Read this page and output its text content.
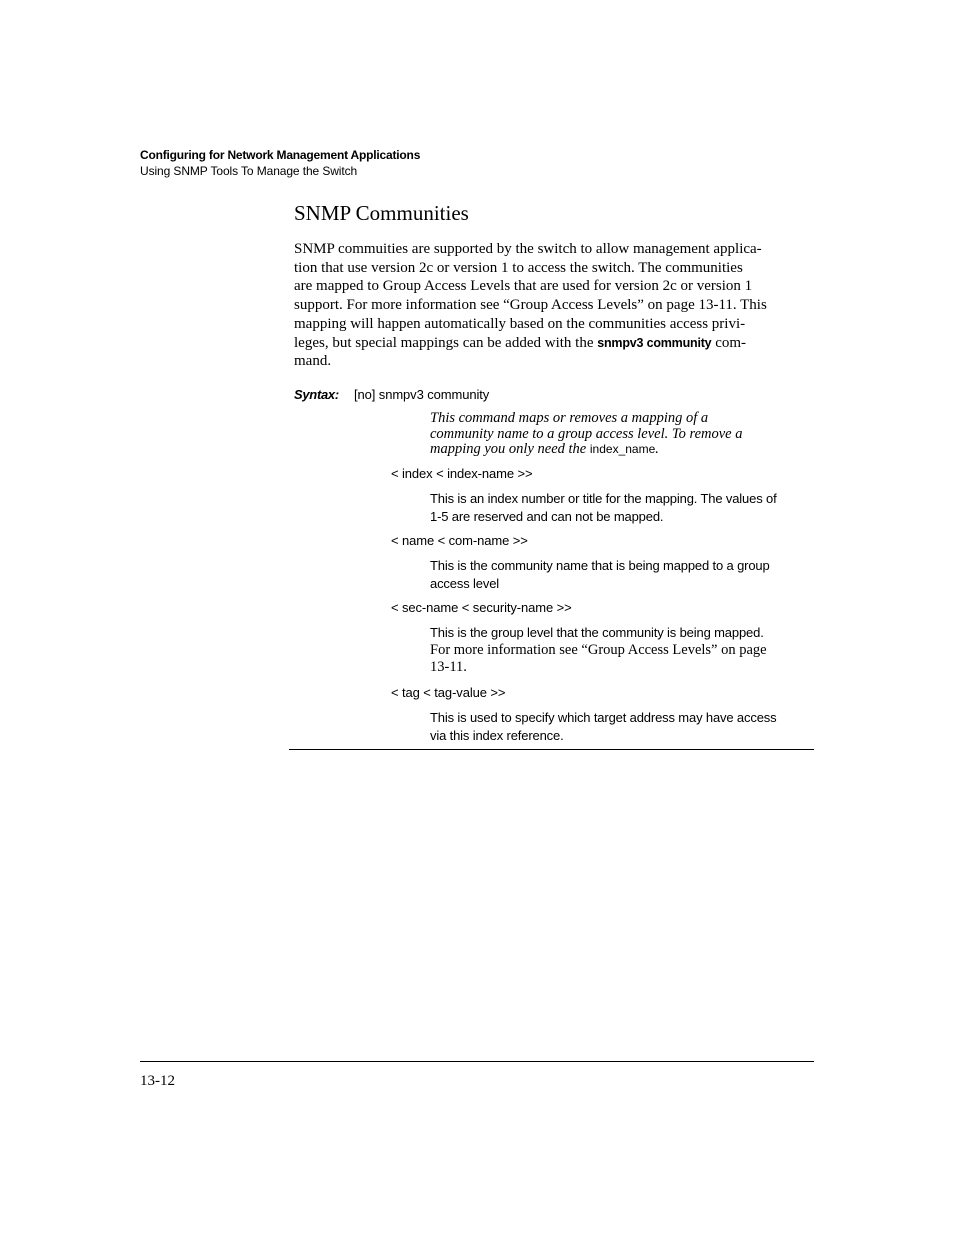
Configuring for Network Management Applications
Using SNMP Tools To Manage the Switch
SNMP Communities
SNMP commuities are supported by the switch to allow management applica-
tion that use version 2c or version 1 to access the switch. The communities
are mapped to Group Access Levels that are used for version 2c or version 1
support. For more information see “Group Access Levels” on page 13-11. This
mapping will happen automatically based on the communities access privi-
leges, but special mappings can be added with the snmpv3 community com-
mand.
Syntax: [no] snmpv3 community
This command maps or removes a mapping of a
community name to a group access level. To remove a
mapping you only need the index_name.
< index < index-name >>
This is an index number or title for the mapping. The values of
1-5 are reserved and can not be mapped.
< name < com-name >>
This is the community name that is being mapped to a group
access level
< sec-name < security-name >>
This is the group level that the community is being mapped.
For more information see “Group Access Levels” on page
13-11.
< tag < tag-value >>
This is used to specify which target address may have access
via this index reference.
13-12
